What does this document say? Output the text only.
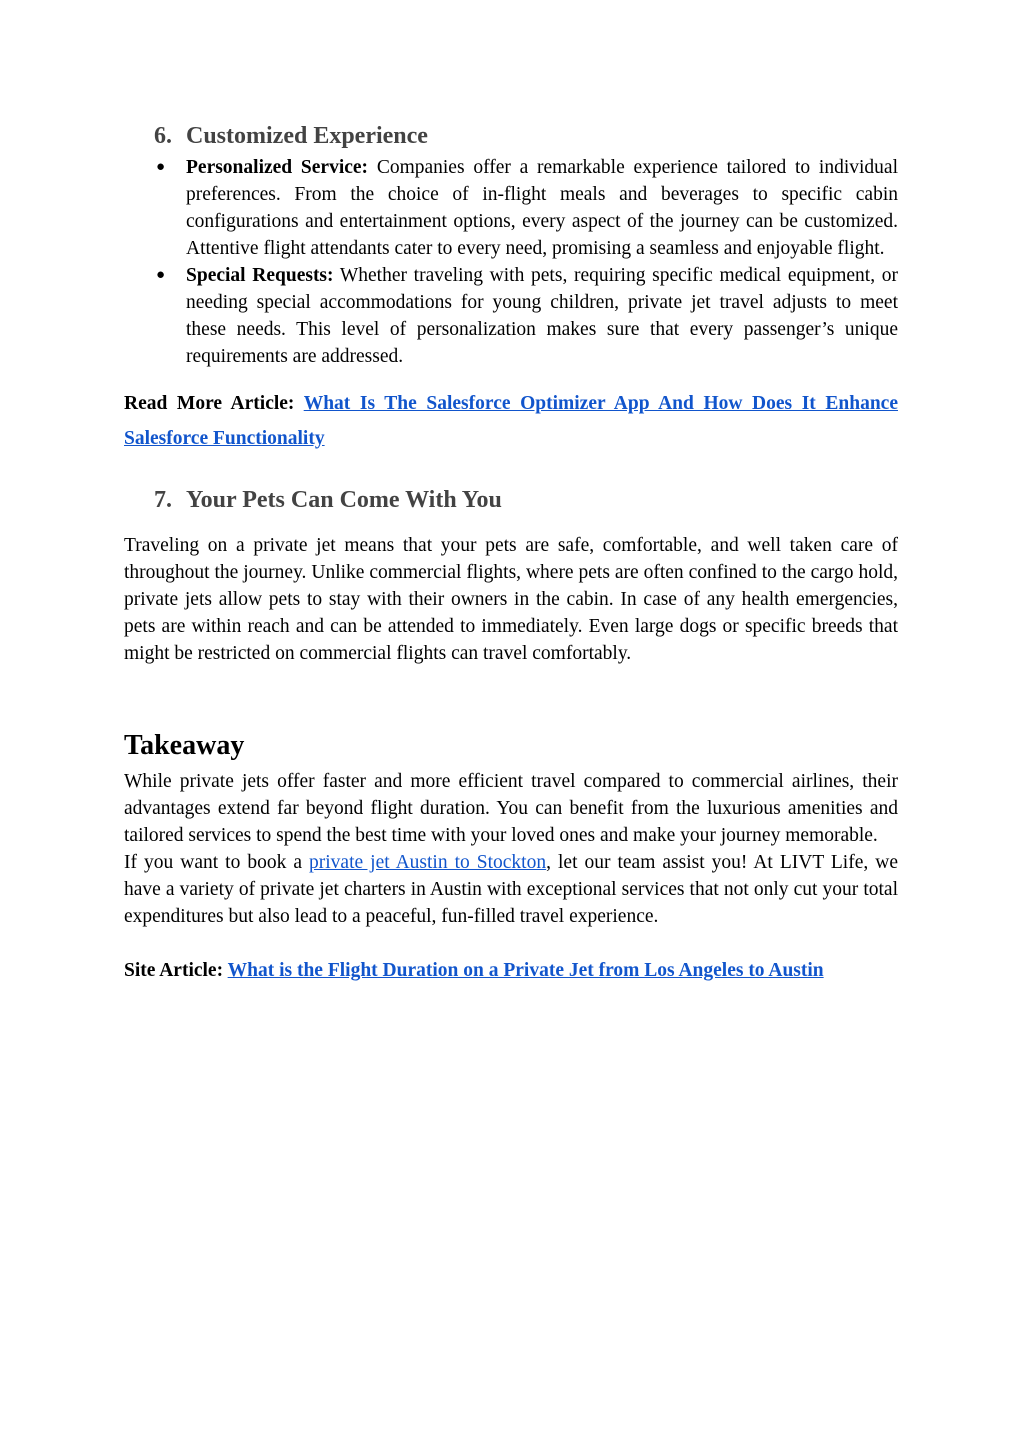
6. Customized Experience
● Personalized Service: Companies offer a remarkable experience tailored to individual preferences. From the choice of in-flight meals and beverages to specific cabin configurations and entertainment options, every aspect of the journey can be customized. Attentive flight attendants cater to every need, promising a seamless and enjoyable flight.
● Special Requests: Whether traveling with pets, requiring specific medical equipment, or needing special accommodations for young children, private jet travel adjusts to meet these needs. This level of personalization makes sure that every passenger’s unique requirements are addressed.

Read More Article: What Is The Salesforce Optimizer App And How Does It Enhance Salesforce Functionality

7. Your Pets Can Come With You

Traveling on a private jet means that your pets are safe, comfortable, and well taken care of throughout the journey. Unlike commercial flights, where pets are often confined to the cargo hold, private jets allow pets to stay with their owners in the cabin. In case of any health emergencies, pets are within reach and can be attended to immediately. Even large dogs or specific breeds that might be restricted on commercial flights can travel comfortably.

Takeaway

While private jets offer faster and more efficient travel compared to commercial airlines, their advantages extend far beyond flight duration. You can benefit from the luxurious amenities and tailored services to spend the best time with your loved ones and make your journey memorable.

If you want to book a private jet Austin to Stockton, let our team assist you! At LIVT Life, we have a variety of private jet charters in Austin with exceptional services that not only cut your total expenditures but also lead to a peaceful, fun-filled travel experience.

Site Article: What is the Flight Duration on a Private Jet from Los Angeles to Austin
